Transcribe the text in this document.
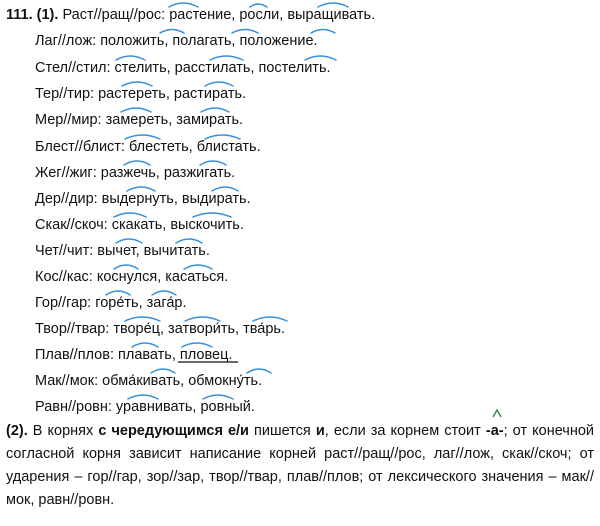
111. (1). Раст//ращ//рос: растение, росли, выращивать.
Лаг//лож: положить, полагать, положение.
Стел//стил: стелить, расстилать, постелить.
Тер//тир: растереть, растирать.
Мер//мир: замереть, замирать.
Блест//блист: блестеть, блистать.
Жег//жиг: разжечь, разжигать.
Дер//дир: выдернуть, выдирать.
Скак//скоч: скакать, выскочить.
Чет//чит: вычет, вычитать.
Кос//кас: коснулся, касаться.
Гор//гар: горе́ть, зага́р.
Твор//твар: творе́ц, затвори́ть, тва́рь.
Плав//плов: плавать, пловец.
Мак//мок: обма́кивать, обмокну́ть.
Равн//ровн: уравнивать, ровный.
(2). В корнях с чередующимся е/и пишется и, если за корнем стоит
-а-; от конечной согласной корня зависит написание корней раст//ращ//рос, лаг//лож, скак//скоч; от ударения – гор//гар, зор//зар, твор//твар, плав//плов; от лексического значения – мак//мок, равн//ровн.
